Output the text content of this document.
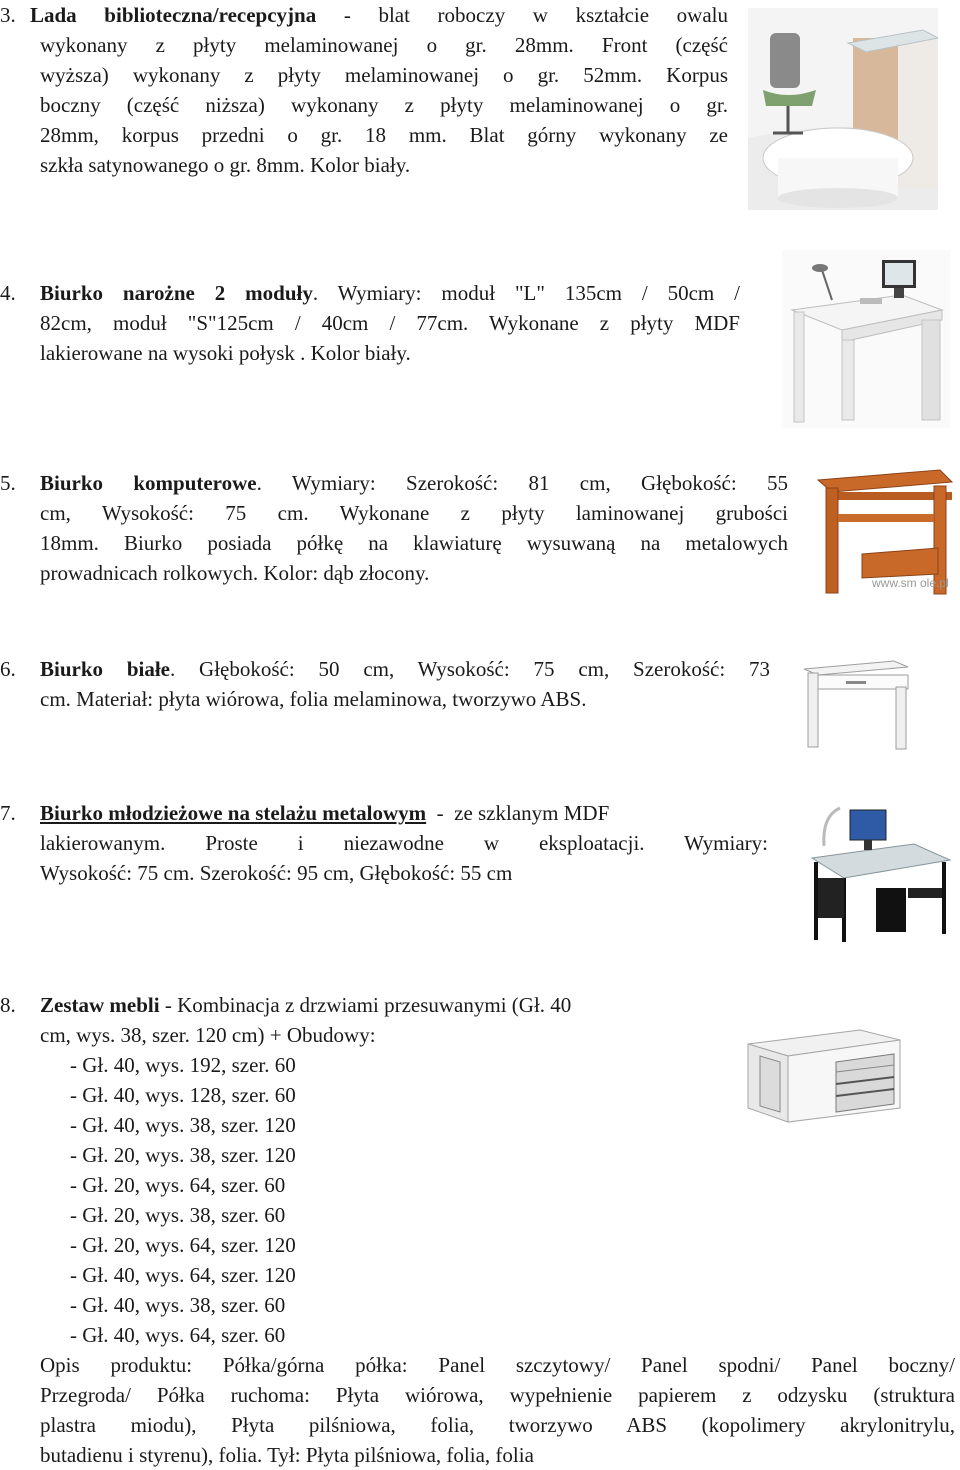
3. Lada biblioteczna/recepcyjna - blat roboczy w kształcie owalu
wykonany z płyty melaminowanej o gr. 28mm. Front (część
wyższa) wykonany z płyty melaminowanej o gr. 52mm. Korpus
boczny (część niższa) wykonany z płyty melaminowanej o gr.
28mm, korpus przedni o gr. 18 mm. Blat górny wykonany ze
szkła satynowanego o gr. 8mm. Kolor biały.
4. Biurko narożne 2 moduły. Wymiary: moduł "L" 135cm / 50cm /
82cm, moduł "S"125cm / 40cm / 77cm. Wykonane z płyty MDF
lakierowane na wysoki połysk . Kolor biały.
5. Biurko komputerowe. Wymiary: Szerokość: 81 cm, Głębokość: 55
cm, Wysokość: 75 cm. Wykonane z płyty laminowanej grubości
18mm. Biurko posiada półkę na klawiaturę wysuwaną na metalowych
prowadnicach rolkowych. Kolor: dąb złocony.	www.sm ole.pl
6. Biurko białe. Głębokość: 50 cm, Wysokość: 75 cm, Szerokość: 73
cm. Materiał: płyta wiórowa, folia melaminowa, tworzywo ABS.
7. Biurko młodzieżowe na stelażu metalowym  -  ze szklanym MDF
lakierowanym. Proste i niezawodne w eksploatacji. Wymiary:
Wysokość: 75 cm. Szerokość: 95 cm, Głębokość: 55 cm
8. Zestaw mebli - Kombinacja z drzwiami przesuwanymi (Gł. 40
cm, wys. 38, szer. 120 cm) + Obudowy:
- Gł. 40, wys. 192, szer. 60
- Gł. 40, wys. 128, szer. 60
- Gł. 40, wys. 38, szer. 120
- Gł. 20, wys. 38, szer. 120
- Gł. 20, wys. 64, szer. 60
- Gł. 20, wys. 38, szer. 60
- Gł. 20, wys. 64, szer. 120
- Gł. 40, wys. 64, szer. 120
- Gł. 40, wys. 38, szer. 60
- Gł. 40, wys. 64, szer. 60
Opis produktu: Półka/górna półka: Panel szczytowy/ Panel spodni/ Panel boczny/
Przegroda/ Półka ruchoma: Płyta wiórowa, wypełnienie papierem z odzysku (struktura
plastra miodu), Płyta pilśniowa, folia, tworzywo ABS (kopolimery akrylonitrylu,
butadienu i styrenu), folia. Tył: Płyta pilśniowa, folia, folia
